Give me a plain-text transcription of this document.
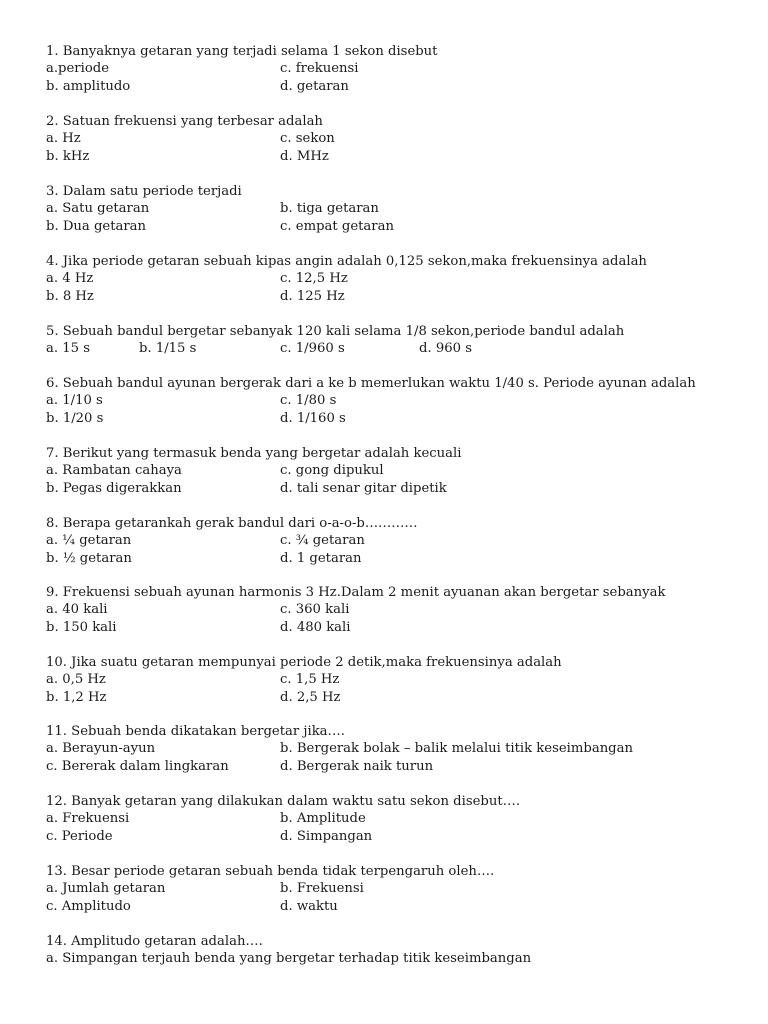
1. Banyaknya getaran yang terjadi selama 1 sekon disebut
a.periode	c. frekuensi
b. amplitudo	d. getaran
2. Satuan frekuensi yang terbesar adalah
a. Hz	c. sekon
b. kHz	d. MHz
3. Dalam satu periode terjadi
a. Satu getaran	b. tiga getaran
b. Dua getaran	c. empat getaran
4. Jika periode getaran sebuah kipas angin adalah 0,125 sekon,maka frekuensinya adalah
a. 4 Hz	c. 12,5 Hz
b. 8 Hz	d. 125 Hz
5. Sebuah bandul bergetar sebanyak 120 kali selama 1/8 sekon,periode bandul adalah
a. 15 s	b. 1/15 s	c. 1/960 s	d. 960 s
6. Sebuah bandul ayunan bergerak dari a ke b memerlukan waktu 1/40 s. Periode ayunan adalah
a. 1/10 s	c. 1/80 s
b. 1/20 s	d. 1/160 s
7. Berikut yang termasuk benda yang bergetar adalah kecuali
a. Rambatan cahaya	c. gong dipukul
b. Pegas digerakkan	d. tali senar gitar dipetik
8. Berapa getarankah gerak bandul dari o-a-o-b…………
a. ¼ getaran	c. ¾ getaran
b. ½ getaran	d. 1 getaran
9. Frekuensi sebuah ayunan harmonis 3 Hz.Dalam 2 menit ayuanan akan bergetar sebanyak
a. 40 kali	c. 360 kali
b. 150 kali	d. 480 kali
10. Jika suatu getaran mempunyai periode 2 detik,maka frekuensinya adalah
a. 0,5 Hz	c. 1,5 Hz
b. 1,2 Hz	d. 2,5 Hz
11. Sebuah benda dikatakan bergetar jika….
a. Berayun-ayun	b. Bergerak bolak – balik melalui titik keseimbangan
c. Bererak dalam lingkaran	d. Bergerak naik turun
12. Banyak getaran yang dilakukan dalam waktu satu sekon disebut….
a. Frekuensi	b. Amplitude
c. Periode	d. Simpangan
13. Besar periode getaran sebuah benda tidak terpengaruh oleh….
a. Jumlah getaran	b. Frekuensi
c. Amplitudo	d. waktu
14. Amplitudo getaran adalah….
a. Simpangan terjauh benda yang bergetar terhadap titik keseimbangan
